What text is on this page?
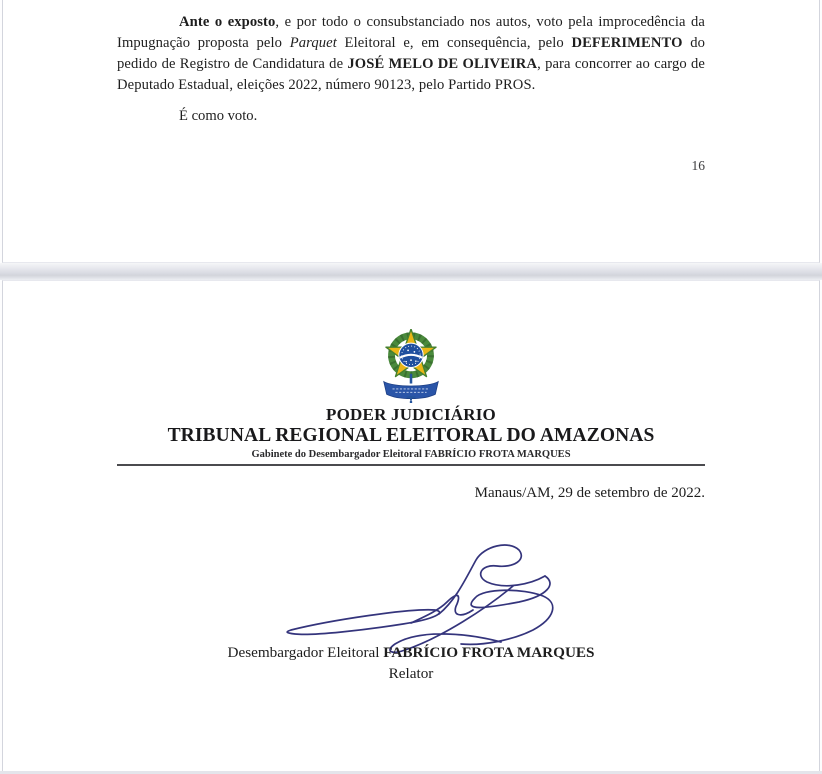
Ante o exposto, e por todo o consubstanciado nos autos, voto pela improcedência da Impugnação proposta pelo Parquet Eleitoral e, em consequência, pelo DEFERIMENTO do pedido de Registro de Candidatura de JOSÉ MELO DE OLIVEIRA, para concorrer ao cargo de Deputado Estadual, eleições 2022, número 90123, pelo Partido PROS.

É como voto.

16
PODER JUDICIÁRIO
TRIBUNAL REGIONAL ELEITORAL DO AMAZONAS
Gabinete do Desembargador Eleitoral FABRÍCIO FROTA MARQUES
Manaus/AM, 29 de setembro de 2022.
Desembargador Eleitoral FABRÍCIO FROTA MARQUES
Relator
